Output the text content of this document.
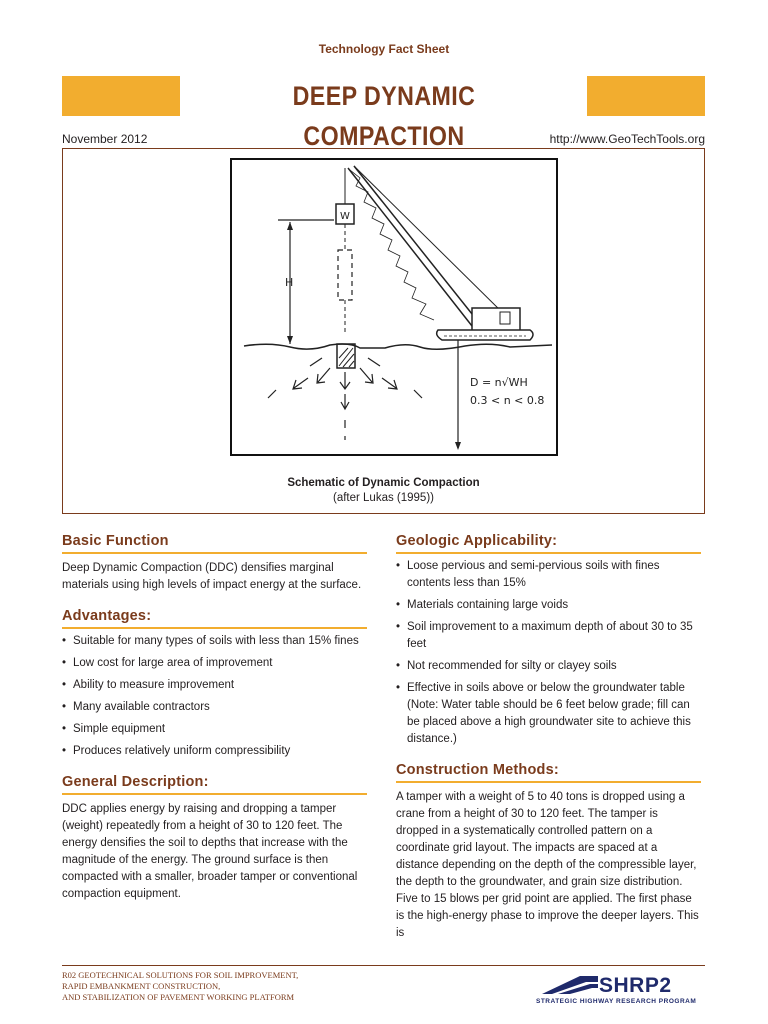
Technology Fact Sheet
DEEP DYNAMIC COMPACTION
November 2012	http://www.GeoTechTools.org
H
W
D = n√WH
0.3 < n < 0.8
Schematic of Dynamic Compaction
(after Lukas (1995))
Basic Function

Deep Dynamic Compaction (DDC) densifies marginal materials using high levels of impact energy at the surface.

Advantages:
• Suitable for many types of soils with less than 15% fines
• Low cost for large area of improvement
• Ability to measure improvement
• Many available contractors
• Simple equipment
• Produces relatively uniform compressibility
General Description:

DDC applies energy by raising and dropping a tamper (weight) repeatedly from a height of 30 to 120 feet. The energy densifies the soil to depths that increase with the magnitude of the energy. The ground surface is then compacted with a smaller, broader tamper or conventional compaction equipment.

Geologic Applicability:
• Loose pervious and semi-pervious soils with fines contents less than 15%
• Materials containing large voids
• Soil improvement to a maximum depth of about 30 to 35 feet
• Not recommended for silty or clayey soils
• Effective in soils above or below the groundwater table (Note: Water table should be 6 feet below grade; fill can be placed above a high groundwater site to achieve this distance.)
Construction Methods:

A tamper with a weight of 5 to 40 tons is dropped using a crane from a height of 30 to 120 feet. The tamper is dropped in a systematically controlled pattern on a coordinate grid layout. The impacts are spaced at a distance depending on the depth of the compressible layer, the depth to the groundwater, and grain size distribution. Five to 15 blows per grid point are applied. The first phase is the high-energy phase to improve the deeper layers. This is

R02 GEOTECHNICAL SOLUTIONS FOR SOIL IMPROVEMENT,
RAPID EMBANKMENT CONSTRUCTION,
AND STABILIZATION OF PAVEMENT WORKING PLATFORM	SHRP2
STRATEGIC HIGHWAY RESEARCH PROGRAM
